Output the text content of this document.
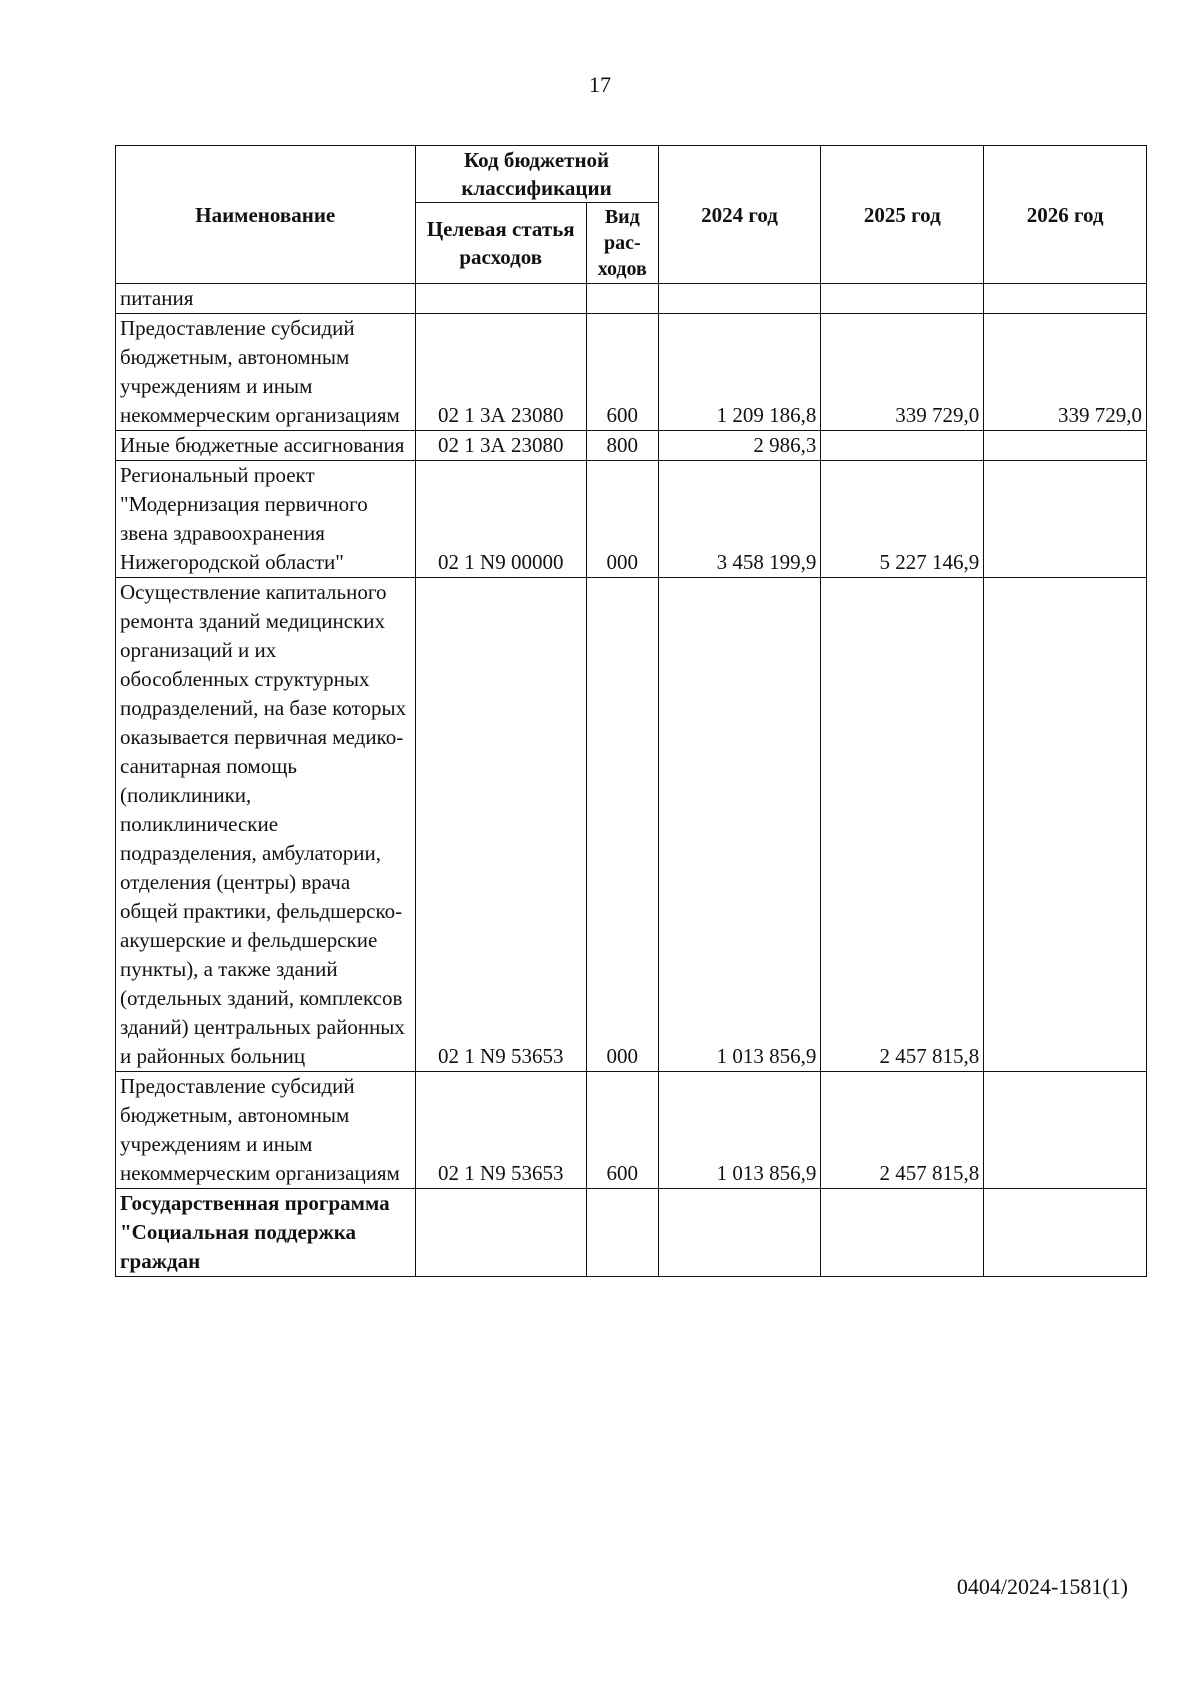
17
Наименование	Код бюджетной классификации		2024 год	2025 год	2026 год
	Целевая статья расходов	Вид рас- ходов			
питания					
Предоставление субсидий бюджетным, автономным учреждениям и иным некоммерческим организациям	02 1 3А 23080	600	1 209 186,8	339 729,0	339 729,0
Иные бюджетные ассигнования	02 1 3А 23080	800	2 986,3		
Региональный проект "Модернизация первичного звена здравоохранения Нижегородской области"	02 1 N9 00000	000	3 458 199,9	5 227 146,9	
Осуществление капитального ремонта зданий медицинских организаций и их обособленных структурных подразделений, на базе которых оказывается первичная медико-санитарная помощь (поликлиники, поликлинические подразделения, амбулатории, отделения (центры) врача общей практики, фельдшерско-акушерские и фельдшерские пункты), а также зданий (отдельных зданий, комплексов зданий) центральных районных и районных больниц	02 1 N9 53653	000	1 013 856,9	2 457 815,8	
Предоставление субсидий бюджетным, автономным учреждениям и иным некоммерческим организациям	02 1 N9 53653	600	1 013 856,9	2 457 815,8	
Государственная программа "Социальная поддержка граждан					
0404/2024-1581(1)
